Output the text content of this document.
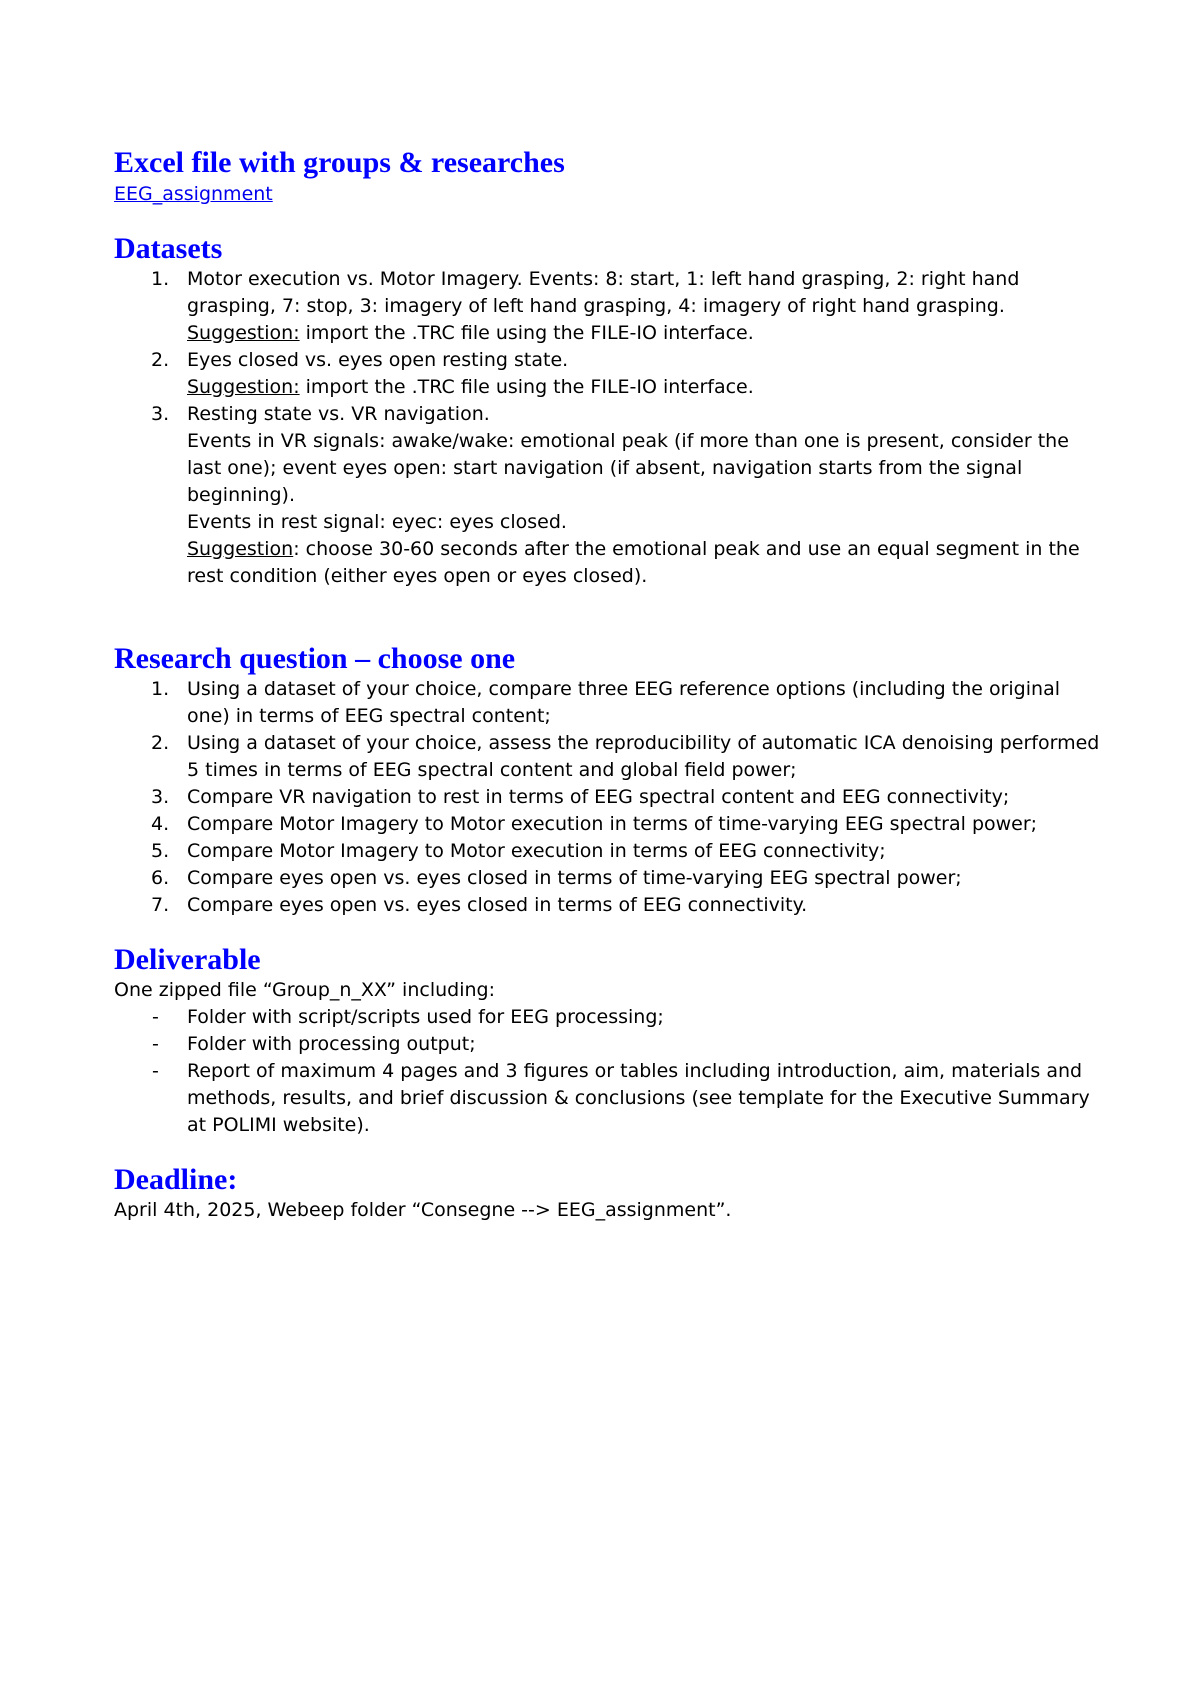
Excel file with groups & researches
EEG_assignment
Datasets
1. Motor execution vs. Motor Imagery. Events: 8: start, 1: left hand grasping, 2: right hand grasping, 7: stop, 3: imagery of left hand grasping, 4: imagery of right hand grasping.
Suggestion: import the .TRC file using the FILE-IO interface.
2. Eyes closed vs. eyes open resting state.
Suggestion: import the .TRC file using the FILE-IO interface.
3. Resting state vs. VR navigation.
Events in VR signals: awake/wake: emotional peak (if more than one is present, consider the last one); event eyes open: start navigation (if absent, navigation starts from the signal beginning).
Events in rest signal: eyec: eyes closed.
Suggestion: choose 30-60 seconds after the emotional peak and use an equal segment in the rest condition (either eyes open or eyes closed).
Research question – choose one
1. Using a dataset of your choice, compare three EEG reference options (including the original one) in terms of EEG spectral content;
2. Using a dataset of your choice, assess the reproducibility of automatic ICA denoising performed 5 times in terms of EEG spectral content and global field power;
3. Compare VR navigation to rest in terms of EEG spectral content and EEG connectivity;
4. Compare Motor Imagery to Motor execution in terms of time-varying EEG spectral power;
5. Compare Motor Imagery to Motor execution in terms of EEG connectivity;
6. Compare eyes open vs. eyes closed in terms of time-varying EEG spectral power;
7. Compare eyes open vs. eyes closed in terms of EEG connectivity.
Deliverable

One zipped file “Group_n_XX” including:

- Folder with script/scripts used for EEG processing;
- Folder with processing output;
- Report of maximum 4 pages and 3 figures or tables including introduction, aim, materials and methods, results, and brief discussion & conclusions (see template for the Executive Summary at POLIMI website).
Deadline:

April 4th, 2025, Webeep folder “Consegne --> EEG_assignment”.
